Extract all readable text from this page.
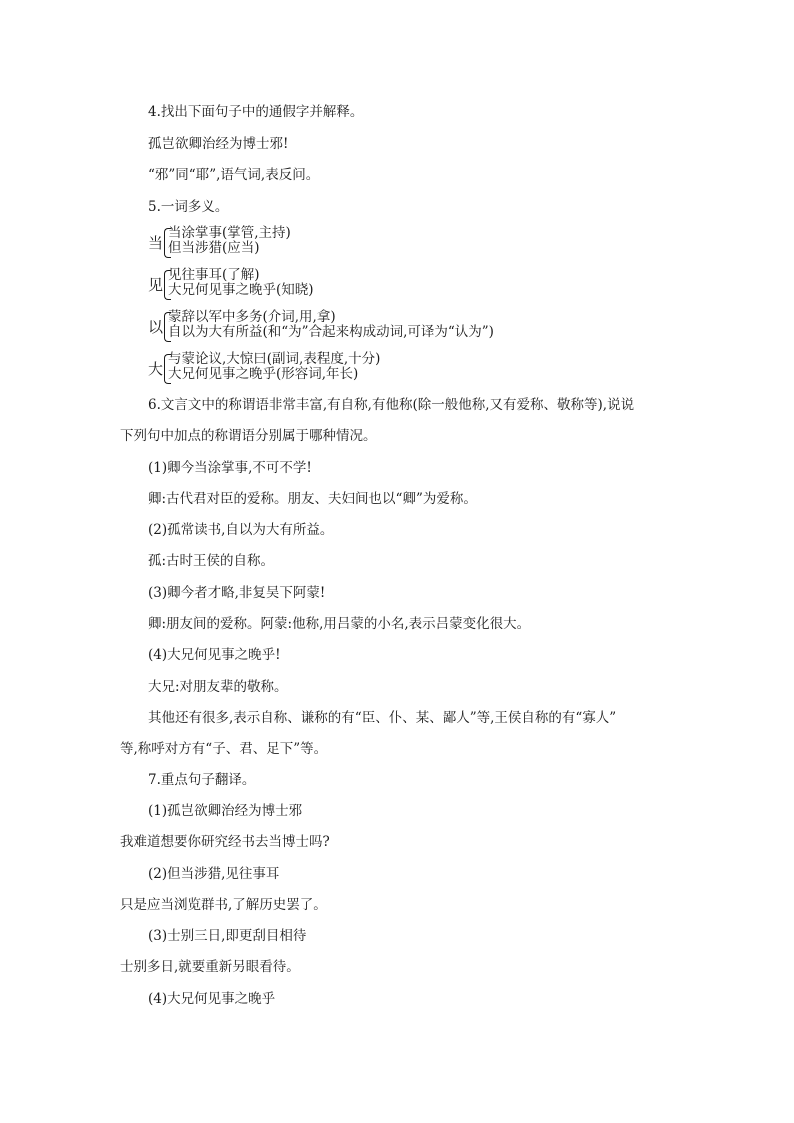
4.找出下面句子中的通假字并解释。
孤岂欲卿治经为博士邪!
“邪”同“耶”,语气词,表反问。
5.一词多义。
当
当涂掌事(掌管,主持)
但当涉猎(应当)
见
见往事耳(了解)
大兄何见事之晚乎(知晓)
以
蒙辞以军中多务(介词,用,拿)
自以为大有所益(和“为”合起来构成动词,可译为“认为”)
大
与蒙论议,大惊曰(副词,表程度,十分)
大兄何见事之晚乎(形容词,年长)
6.文言文中的称谓语非常丰富,有自称,有他称(除一般他称,又有爱称、敬称等),说说
下列句中加点的称谓语分别属于哪种情况。
(1)卿今当涂掌事,不可不学!
卿:古代君对臣的爱称。朋友、夫妇间也以“卿”为爱称。
(2)孤常读书,自以为大有所益。
孤:古时王侯的自称。
(3)卿今者才略,非复吴下阿蒙!
卿:朋友间的爱称。阿蒙:他称,用吕蒙的小名,表示吕蒙变化很大。
(4)大兄何见事之晚乎!
大兄:对朋友辈的敬称。
其他还有很多,表示自称、谦称的有“臣、仆、某、鄙人”等,王侯自称的有“寡人”
等,称呼对方有“子、君、足下”等。
7.重点句子翻译。
(1)孤岂欲卿治经为博士邪
我难道想要你研究经书去当博士吗?
(2)但当涉猎,见往事耳
只是应当浏览群书,了解历史罢了。
(3)士别三日,即更刮目相待
士别多日,就要重新另眼看待。
(4)大兄何见事之晚乎
